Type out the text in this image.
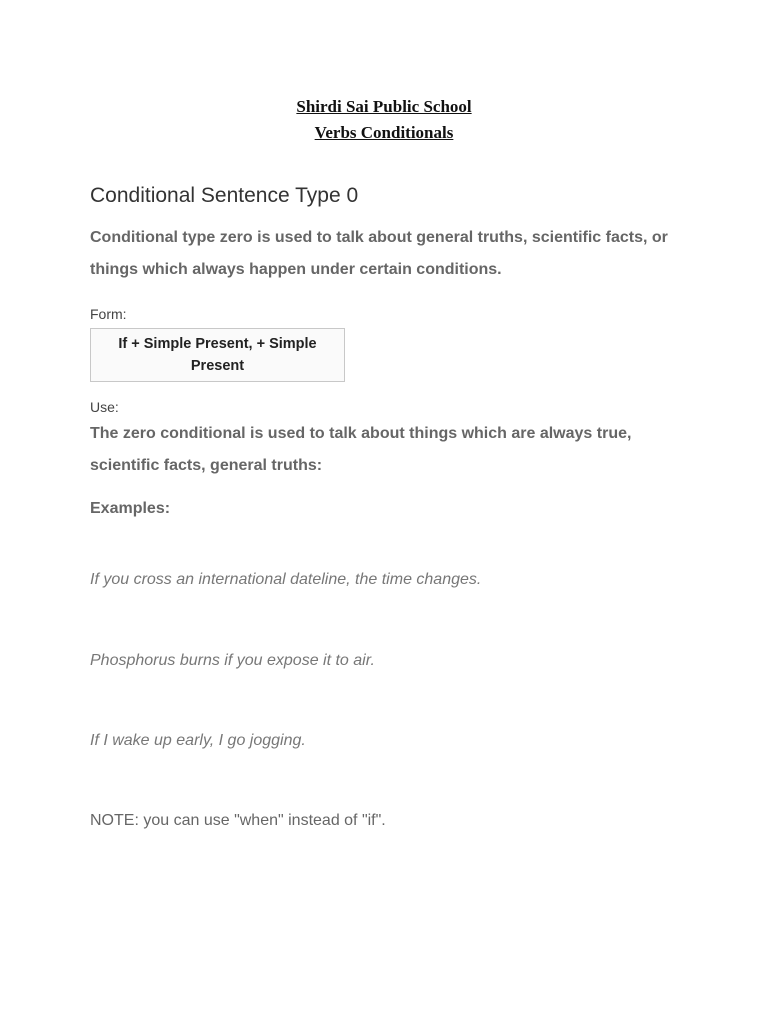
Shirdi Sai Public School
Verbs Conditionals
Conditional Sentence Type 0
Conditional type zero is used to talk about general truths, scientific facts, or things which always happen under certain conditions.
Form:
If + Simple Present, + Simple Present
Use:
The zero conditional is used to talk about things which are always true, scientific facts, general truths:
Examples:
If you cross an international dateline, the time changes.
Phosphorus burns if you expose it to air.
If I wake up early, I go jogging.
NOTE: you can use "when" instead of "if".
